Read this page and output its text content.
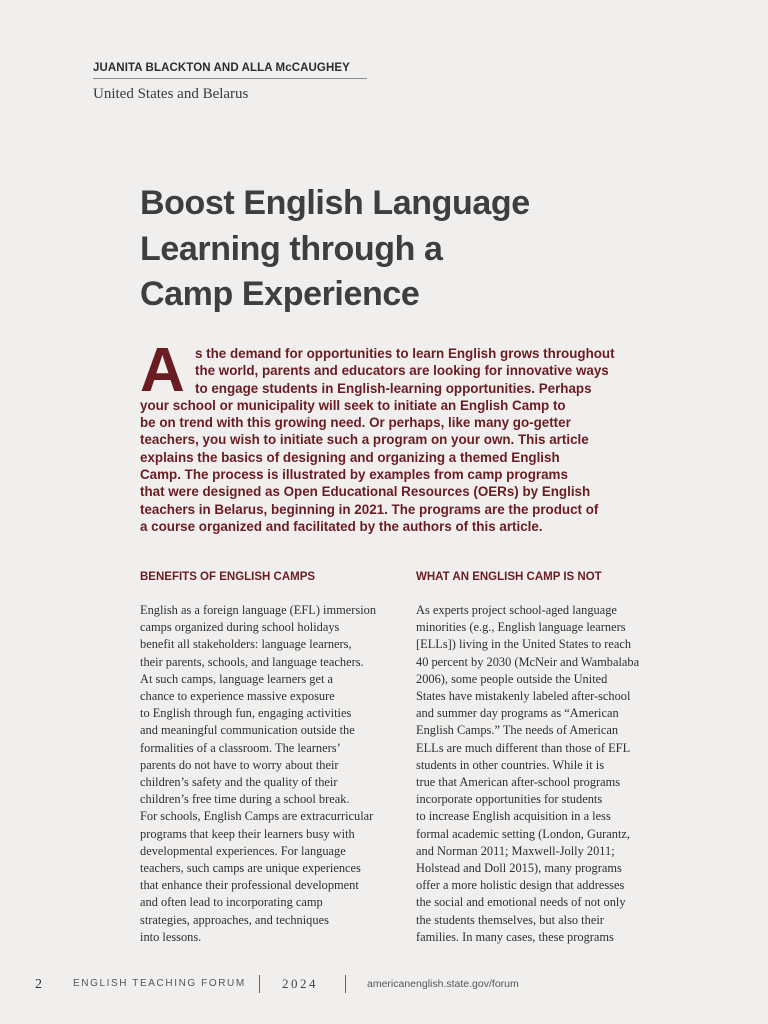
JUANITA BLACKTON AND ALLA McCAUGHEY
United States and Belarus
Boost English Language
Learning through a
Camp Experience
A s the demand for opportunities to learn English grows throughout
the world, parents and educators are looking for innovative ways
to engage students in English-learning opportunities. Perhaps
your school or municipality will seek to initiate an English Camp to
be on trend with this growing need. Or perhaps, like many go-getter
teachers, you wish to initiate such a program on your own. This article
explains the basics of designing and organizing a themed English
Camp. The process is illustrated by examples from camp programs
that were designed as Open Educational Resources (OERs) by English
teachers in Belarus, beginning in 2021. The programs are the product of
a course organized and facilitated by the authors of this article.
BENEFITS OF ENGLISH CAMPS	WHAT AN ENGLISH CAMP IS NOT
English as a foreign language (EFL) immersion
camps organized during school holidays
benefit all stakeholders: language learners,
their parents, schools, and language teachers.
At such camps, language learners get a
chance to experience massive exposure
to English through fun, engaging activities
and meaningful communication outside the
formalities of a classroom. The learners’
parents do not have to worry about their
children’s safety and the quality of their
children’s free time during a school break.
For schools, English Camps are extracurricular
programs that keep their learners busy with
developmental experiences. For language
teachers, such camps are unique experiences
that enhance their professional development
and often lead to incorporating camp
strategies, approaches, and techniques
into lessons.
As experts project school-aged language
minorities (e.g., English language learners
[ELLs]) living in the United States to reach
40 percent by 2030 (McNeir and Wambalaba
2006), some people outside the United
States have mistakenly labeled after-school
and summer day programs as “American
English Camps.” The needs of American
ELLs are much different than those of EFL
students in other countries. While it is
true that American after-school programs
incorporate opportunities for students
to increase English acquisition in a less
formal academic setting (London, Gurantz,
and Norman 2011; Maxwell-Jolly 2011;
Holstead and Doll 2015), many programs
offer a more holistic design that addresses
the social and emotional needs of not only
the students themselves, but also their
families. In many cases, these programs
2	ENGLISH TEACHING FORUM	2024	americanenglish.state.gov/forum
